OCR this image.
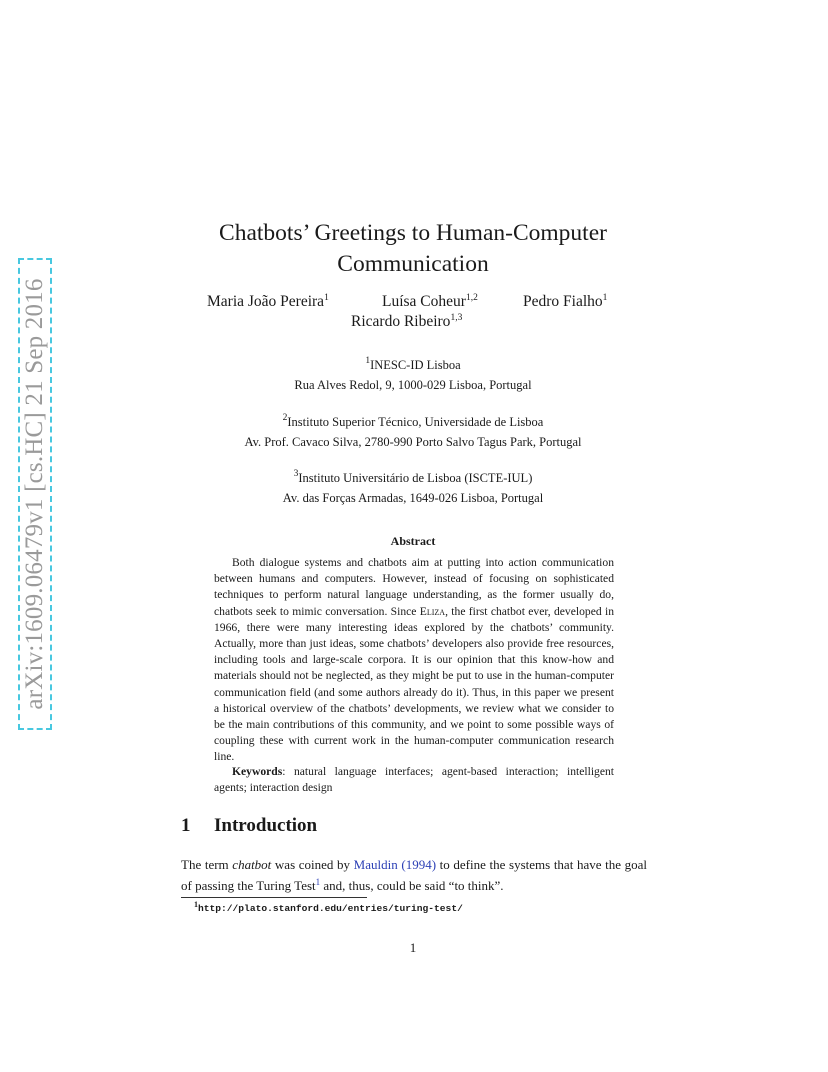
arXiv:1609.06479v1 [cs.HC] 21 Sep 2016
Chatbots’ Greetings to Human-Computer
Communication
Maria João Pereira$^1$	Luísa Coheur$^{1,2}$	Pedro Fialho$^1$
Ricardo Ribeiro$^{1,3}$
$^1$INESC-ID Lisboa
Rua Alves Redol, 9, 1000-029 Lisboa, Portugal
$^2$Instituto Superior Técnico, Universidade de Lisboa
Av. Prof. Cavaco Silva, 2780-990 Porto Salvo Tagus Park, Portugal
$^3$Instituto Universitário de Lisboa (ISCTE-IUL)
Av. das Forças Armadas, 1649-026 Lisboa, Portugal
Abstract
Both dialogue systems and chatbots aim at putting into action communication between humans and computers. However, instead of focusing on sophisticated techniques to perform natural language understanding, as the former usually do, chatbots seek to mimic conversation. Since Eliza, the first chatbot ever, developed in 1966, there were many interesting ideas explored by the chatbots’ community. Actually, more than just ideas, some chatbots’ developers also provide free resources, including tools and large-scale corpora. It is our opinion that this know-how and materials should not be neglected, as they might be put to use in the human-computer communication field (and some authors already do it). Thus, in this paper we present a historical overview of the chatbots’ developments, we review what we consider to be the main contributions of this community, and we point to some possible ways of coupling these with current work in the human-computer communication research line.
Keywords: natural language interfaces; agent-based interaction; intelligent agents; interaction design
1 Introduction
The term chatbot was coined by Mauldin (1994) to define the systems that have the goal of passing the Turing Test$^1$ and, thus, could be said “to think”.
$^1$http://plato.stanford.edu/entries/turing-test/
1
